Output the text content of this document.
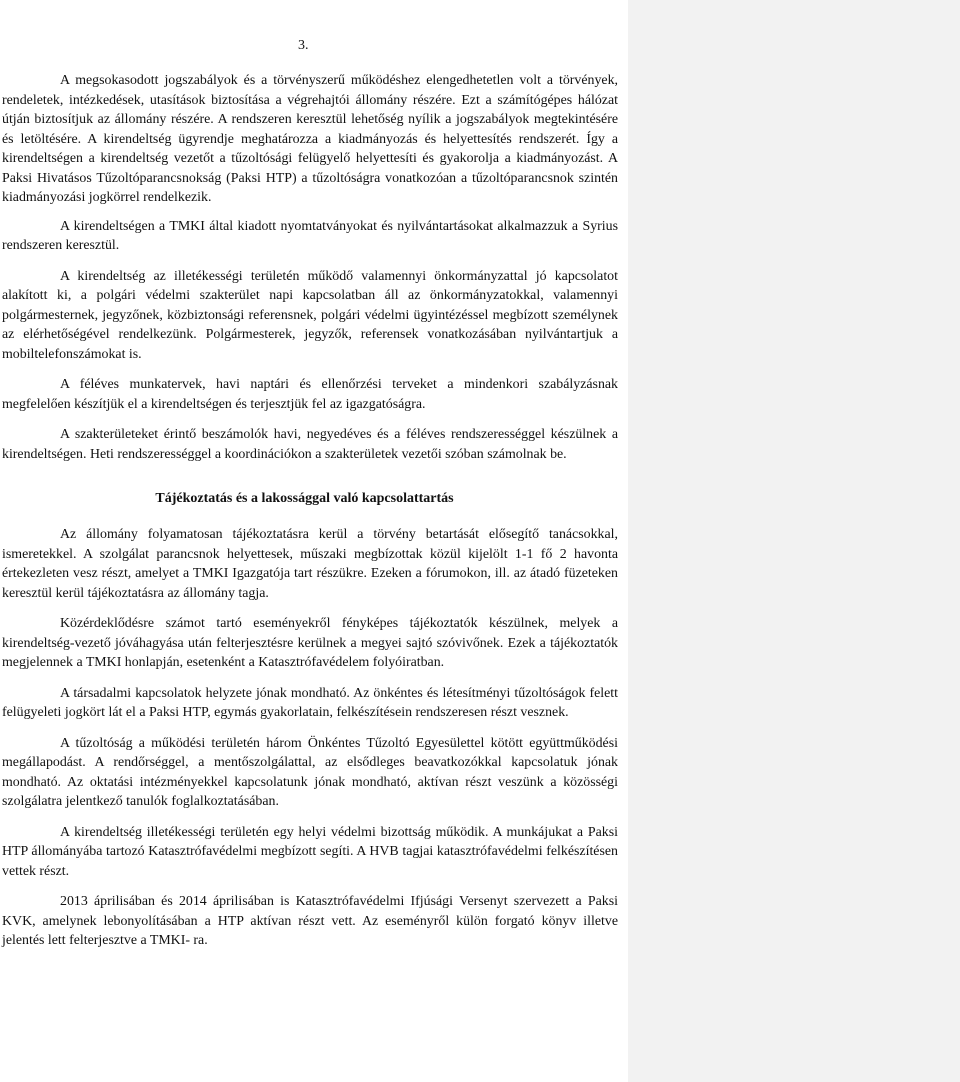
3.

A megsokasodott jogszabályok és a törvényszerű működéshez elengedhetetlen volt a törvények, rendeletek, intézkedések, utasítások biztosítása a végrehajtói állomány részére. Ezt a számítógépes hálózat útján biztosítjuk az állomány részére. A rendszeren keresztül lehetőség nyílik a jogszabályok megtekintésére és letöltésére. A kirendeltség ügyrendje meghatározza a kiadmányozás és helyettesítés rendszerét. Így a kirendeltségen a kirendeltség vezetőt a tűzoltósági felügyelő helyettesíti és gyakorolja a kiadmányozást. A Paksi Hivatásos Tűzoltóparancsnokság (Paksi HTP) a tűzoltóságra vonatkozóan a tűzoltóparancsnok szintén kiadmányozási jogkörrel rendelkezik.

A kirendeltségen a TMKI által kiadott nyomtatványokat és nyilvántartásokat alkalmazzuk a Syrius rendszeren keresztül.

A kirendeltség az illetékességi területén működő valamennyi önkormányzattal jó kapcsolatot alakított ki, a polgári védelmi szakterület napi kapcsolatban áll az önkormányzatokkal, valamennyi polgármesternek, jegyzőnek, közbiztonsági referensnek, polgári védelmi ügyintézéssel megbízott személynek az elérhetőségével rendelkezünk. Polgármesterek, jegyzők, referensek vonatkozásában nyilvántartjuk a mobiltelefonszámokat is.

A féléves munkatervek, havi naptári és ellenőrzési terveket a mindenkori szabályzásnak megfelelően készítjük el a kirendeltségen és terjesztjük fel az igazgatóságra.

A szakterületeket érintő beszámolók havi, negyedéves és a féléves rendszerességgel készülnek a kirendeltségen. Heti rendszerességgel a koordinációkon a szakterületek vezetői szóban számolnak be.

Tájékoztatás és a lakossággal való kapcsolattartás

Az állomány folyamatosan tájékoztatásra kerül a törvény betartását elősegítő tanácsokkal, ismeretekkel. A szolgálat parancsnok helyettesek, műszaki megbízottak közül kijelölt 1-1 fő 2 havonta értekezleten vesz részt, amelyet a TMKI Igazgatója tart részükre. Ezeken a fórumokon, ill. az átadó füzeteken keresztül kerül tájékoztatásra az állomány tagja.

Közérdeklődésre számot tartó eseményekről fényképes tájékoztatók készülnek, melyek a kirendeltség-vezető jóváhagyása után felterjesztésre kerülnek a megyei sajtó szóvivőnek. Ezek a tájékoztatók megjelennek a TMKI honlapján, esetenként a Katasztrófavédelem folyóiratban.

A társadalmi kapcsolatok helyzete jónak mondható. Az önkéntes és létesítményi tűzoltóságok felett felügyeleti jogkört lát el a Paksi HTP, egymás gyakorlatain, felkészítésein rendszeresen részt vesznek.

A tűzoltóság a működési területén három Önkéntes Tűzoltó Egyesülettel kötött együttműködési megállapodást. A rendőrséggel, a mentőszolgálattal, az elsődleges beavatkozókkal kapcsolatuk jónak mondható. Az oktatási intézményekkel kapcsolatunk jónak mondható, aktívan részt veszünk a közösségi szolgálatra jelentkező tanulók foglalkoztatásában.

A kirendeltség illetékességi területén egy helyi védelmi bizottság működik. A munkájukat a Paksi HTP állományába tartozó Katasztrófavédelmi megbízott segíti. A HVB tagjai katasztrófavédelmi felkészítésen vettek részt.

2013 áprilisában és 2014 áprilisában is Katasztrófavédelmi Ifjúsági Versenyt szervezett a Paksi KVK, amelynek lebonyolításában a HTP aktívan részt vett. Az eseményről külön forgató könyv illetve jelentés lett felterjesztve a TMKI- ra.
